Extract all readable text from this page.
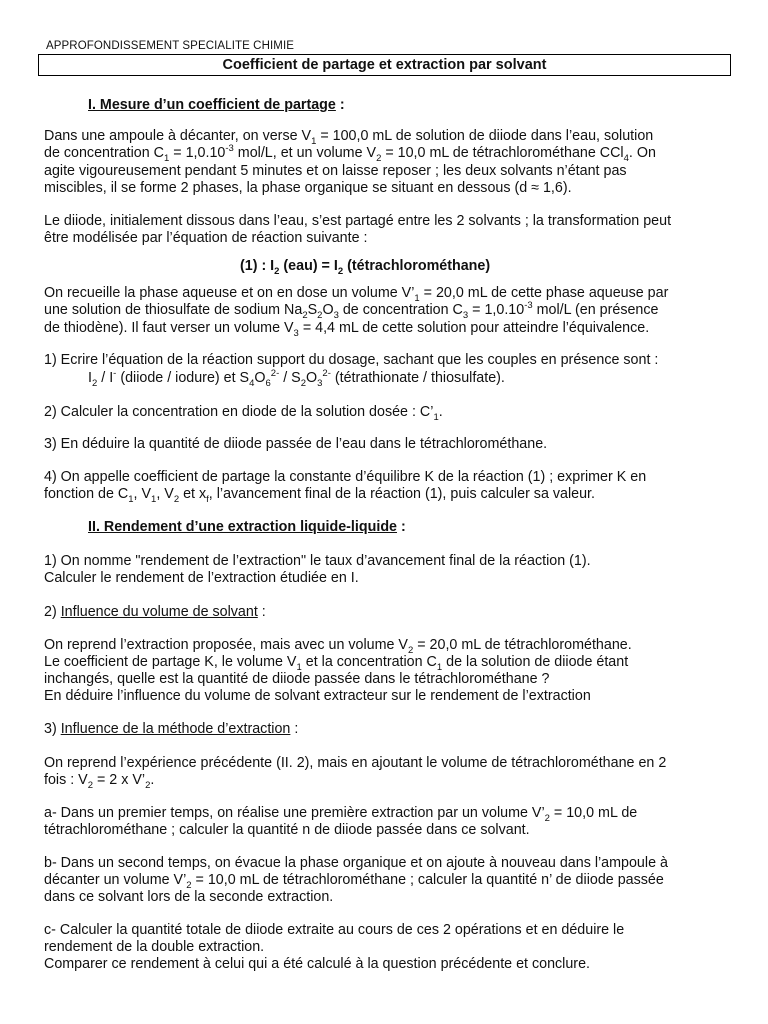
APPROFONDISSEMENT SPECIALITE CHIMIE
Coefficient de partage et extraction par solvant
I. Mesure d’un coefficient de partage :
II. Rendement d’une extraction liquide-liquide :
2) Influence du volume de solvant :
3) Influence de la méthode d’extraction :
Dans une ampoule à décanter, on verse $V_1 = 100,0$ mL de solution de diiode dans l’eau, solution
de concentration $C_1 = 1,0.10^{-3}$ mol/L, et un volume $V_2 = 10,0$ mL de tétrachlorométhane CCl$_4$. On
agite vigoureusement pendant 5 minutes et on laisse reposer ; les deux solvants n’étant pas
miscibles, il se forme 2 phases, la phase organique se situant en dessous (d ≈ 1,6).
Le diiode, initialement dissous dans l’eau, s’est partagé entre les 2 solvants ; la transformation peut
être modélisée par l’équation de réaction suivante :
(1) : $I_2$ $(eau) = I_2$ (tétrachlorométhane)
On recueille la phase aqueuse et on en dose un volume $V’_1 = 20,0$ mL de cette phase aqueuse par
une solution de thiosulfate de sodium $Na_2S_2O_3$ de concentration $C_3 = 1,0.10^{-3}$ mol/L (en présence
de thiodène). Il faut verser un volume $V_3 = 4,4$ mL de cette solution pour atteindre l’équivalence.
1) Ecrire l’équation de la réaction support du dosage, sachant que les couples en présence sont :
$I_2 / I^-$ (diiode / iodure) et $S_4O_6^{2-} / S_2O_3^{2-}$ (tétrathionate / thiosulfate).
2) Calculer la concentration en diode de la solution dosée : $C’_1$.
3) En déduire la quantité de diiode passée de l’eau dans le tétrachlorométhane.
4) On appelle coefficient de partage la constante d’équilibre K de la réaction (1) ; exprimer K en
fonction de $C_1$, $V_1$, $V_2$ et $x_f$, l’avancement final de la réaction (1), puis calculer sa valeur.
1) On nomme "rendement de l’extraction" le taux d’avancement final de la réaction (1).
Calculer le rendement de l’extraction étudiée en I.
On reprend l’extraction proposée, mais avec un volume $V_2 = 20,0$ mL de tétrachlorométhane.
Le coefficient de partage K, le volume $V_1$ et la concentration $C_1$ de la solution de diiode étant
inchangés, quelle est la quantité de diiode passée dans le tétrachlorométhane ?
En déduire l’influence du volume de solvant extracteur sur le rendement de l’extraction
On reprend l’expérience précédente (II. 2), mais en ajoutant le volume de tétrachlorométhane en 2
fois : $V_2 = 2$ x $V’_2$.
a- Dans un premier temps, on réalise une première extraction par un volume $V’_2 = 10,0$ mL de
tétrachlorométhane ; calculer la quantité n de diiode passée dans ce solvant.
b- Dans un second temps, on évacue la phase organique et on ajoute à nouveau dans l’ampoule à
décanter un volume $V’_2 = 10,0$ mL de tétrachlorométhane ; calculer la quantité n’ de diiode passée
dans ce solvant lors de la seconde extraction.
c- Calculer la quantité totale de diiode extraite au cours de ces 2 opérations et en déduire le
rendement de la double extraction.
Comparer ce rendement à celui qui a été calculé à la question précédente et conclure.
